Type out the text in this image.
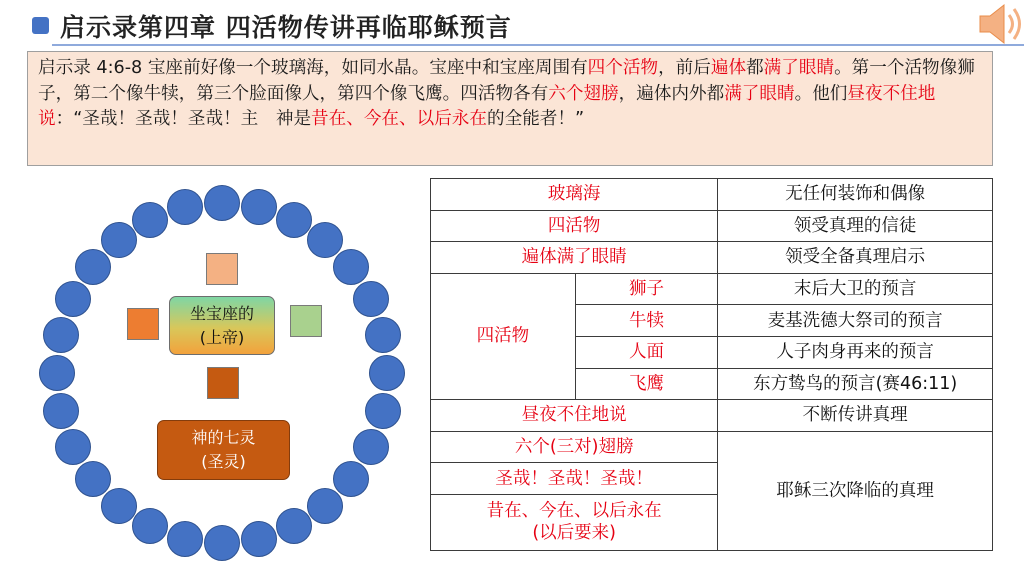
启示录第四章 四活物传讲再临耶稣预言
启示录 4:6-8 宝座前好像一个玻璃海，如同水晶。宝座中和宝座周围有四个活物，前后遍体都满了眼睛。第一个活物像狮子，第二个像牛犊，第三个脸面像人，第四个像飞鹰。四活物各有六个翅膀，遍体内外都满了眼睛。他们昼夜不住地说：“圣哉！圣哉！圣哉！主　神是昔在、今在、以后永在的全能者！”
坐宝座的
(上帝)
神的七灵
(圣灵)
玻璃海		无任何装饰和偶像
四活物		领受真理的信徒
遍体满了眼睛		领受全备真理启示
四活物	狮子	末后大卫的预言
	牛犊	麦基洗德大祭司的预言
	人面	人子肉身再来的预言
	飞鹰	东方鸷鸟的预言(赛46:11)
昼夜不住地说		不断传讲真理
六个(三对)翅膀		耶稣三次降临的真理
圣哉！圣哉！圣哉！		

昔在、今在、以后永在
(以后要来)		
